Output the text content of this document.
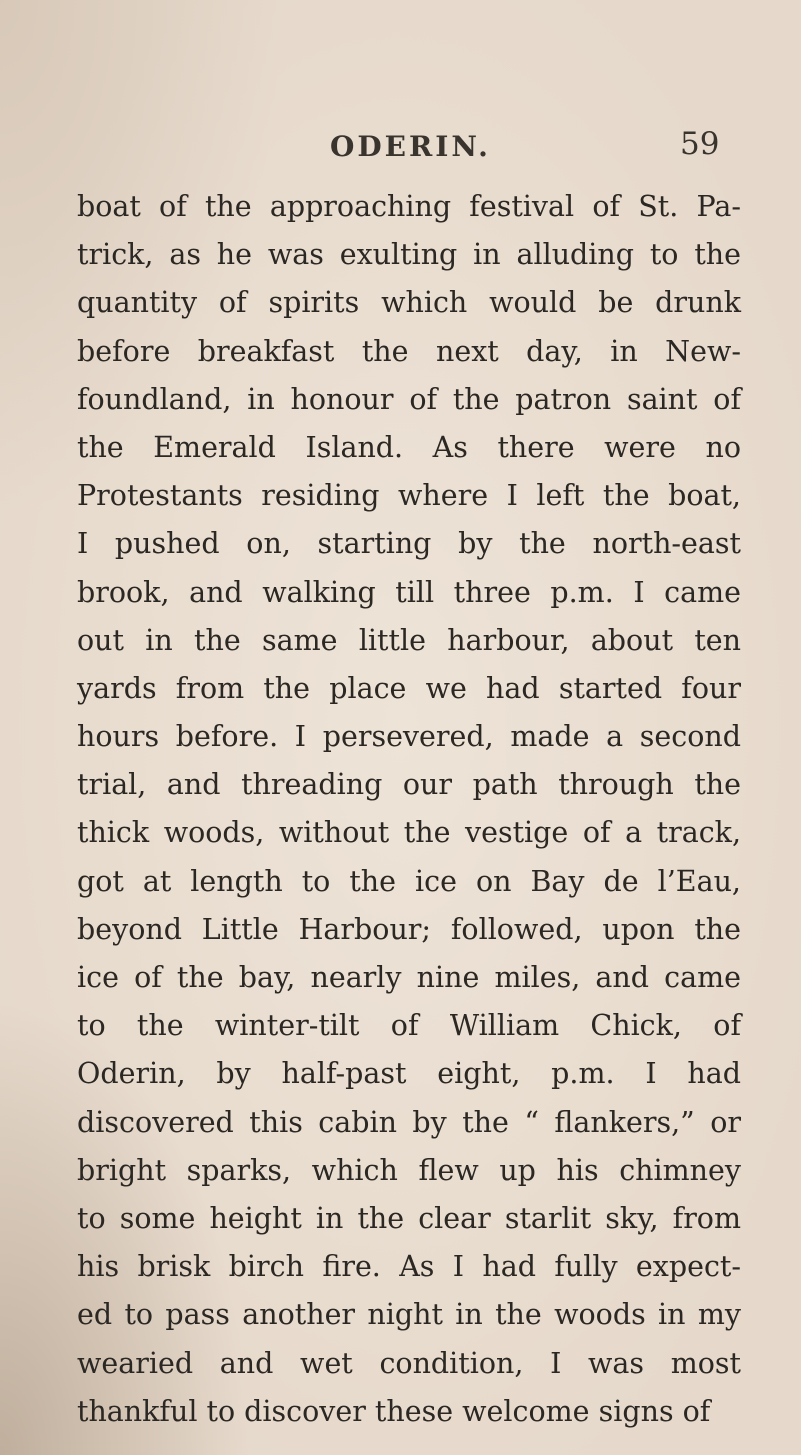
ODERIN.	59
boat of the approaching festival of St. Pa-
trick, as he was exulting in alluding to the
quantity of spirits which would be drunk
before breakfast the next day, in New-
foundland, in honour of the patron saint of
the Emerald Island. As there were no
Protestants residing where I left the boat,
I pushed on, starting by the north-east
brook, and walking till three p.m. I came
out in the same little harbour, about ten
yards from the place we had started four
hours before. I persevered, made a second
trial, and threading our path through the
thick woods, without the vestige of a track,
got at length to the ice on Bay de l’Eau,
beyond Little Harbour; followed, upon the
ice of the bay, nearly nine miles, and came
to the winter-tilt of William Chick, of
Oderin, by half-past eight, p.m. I had
discovered this cabin by the “ flankers,” or
bright sparks, which flew up his chimney
to some height in the clear starlit sky, from
his brisk birch fire. As I had fully expect-
ed to pass another night in the woods in my
wearied and wet condition, I was most
thankful to discover these welcome signs of
